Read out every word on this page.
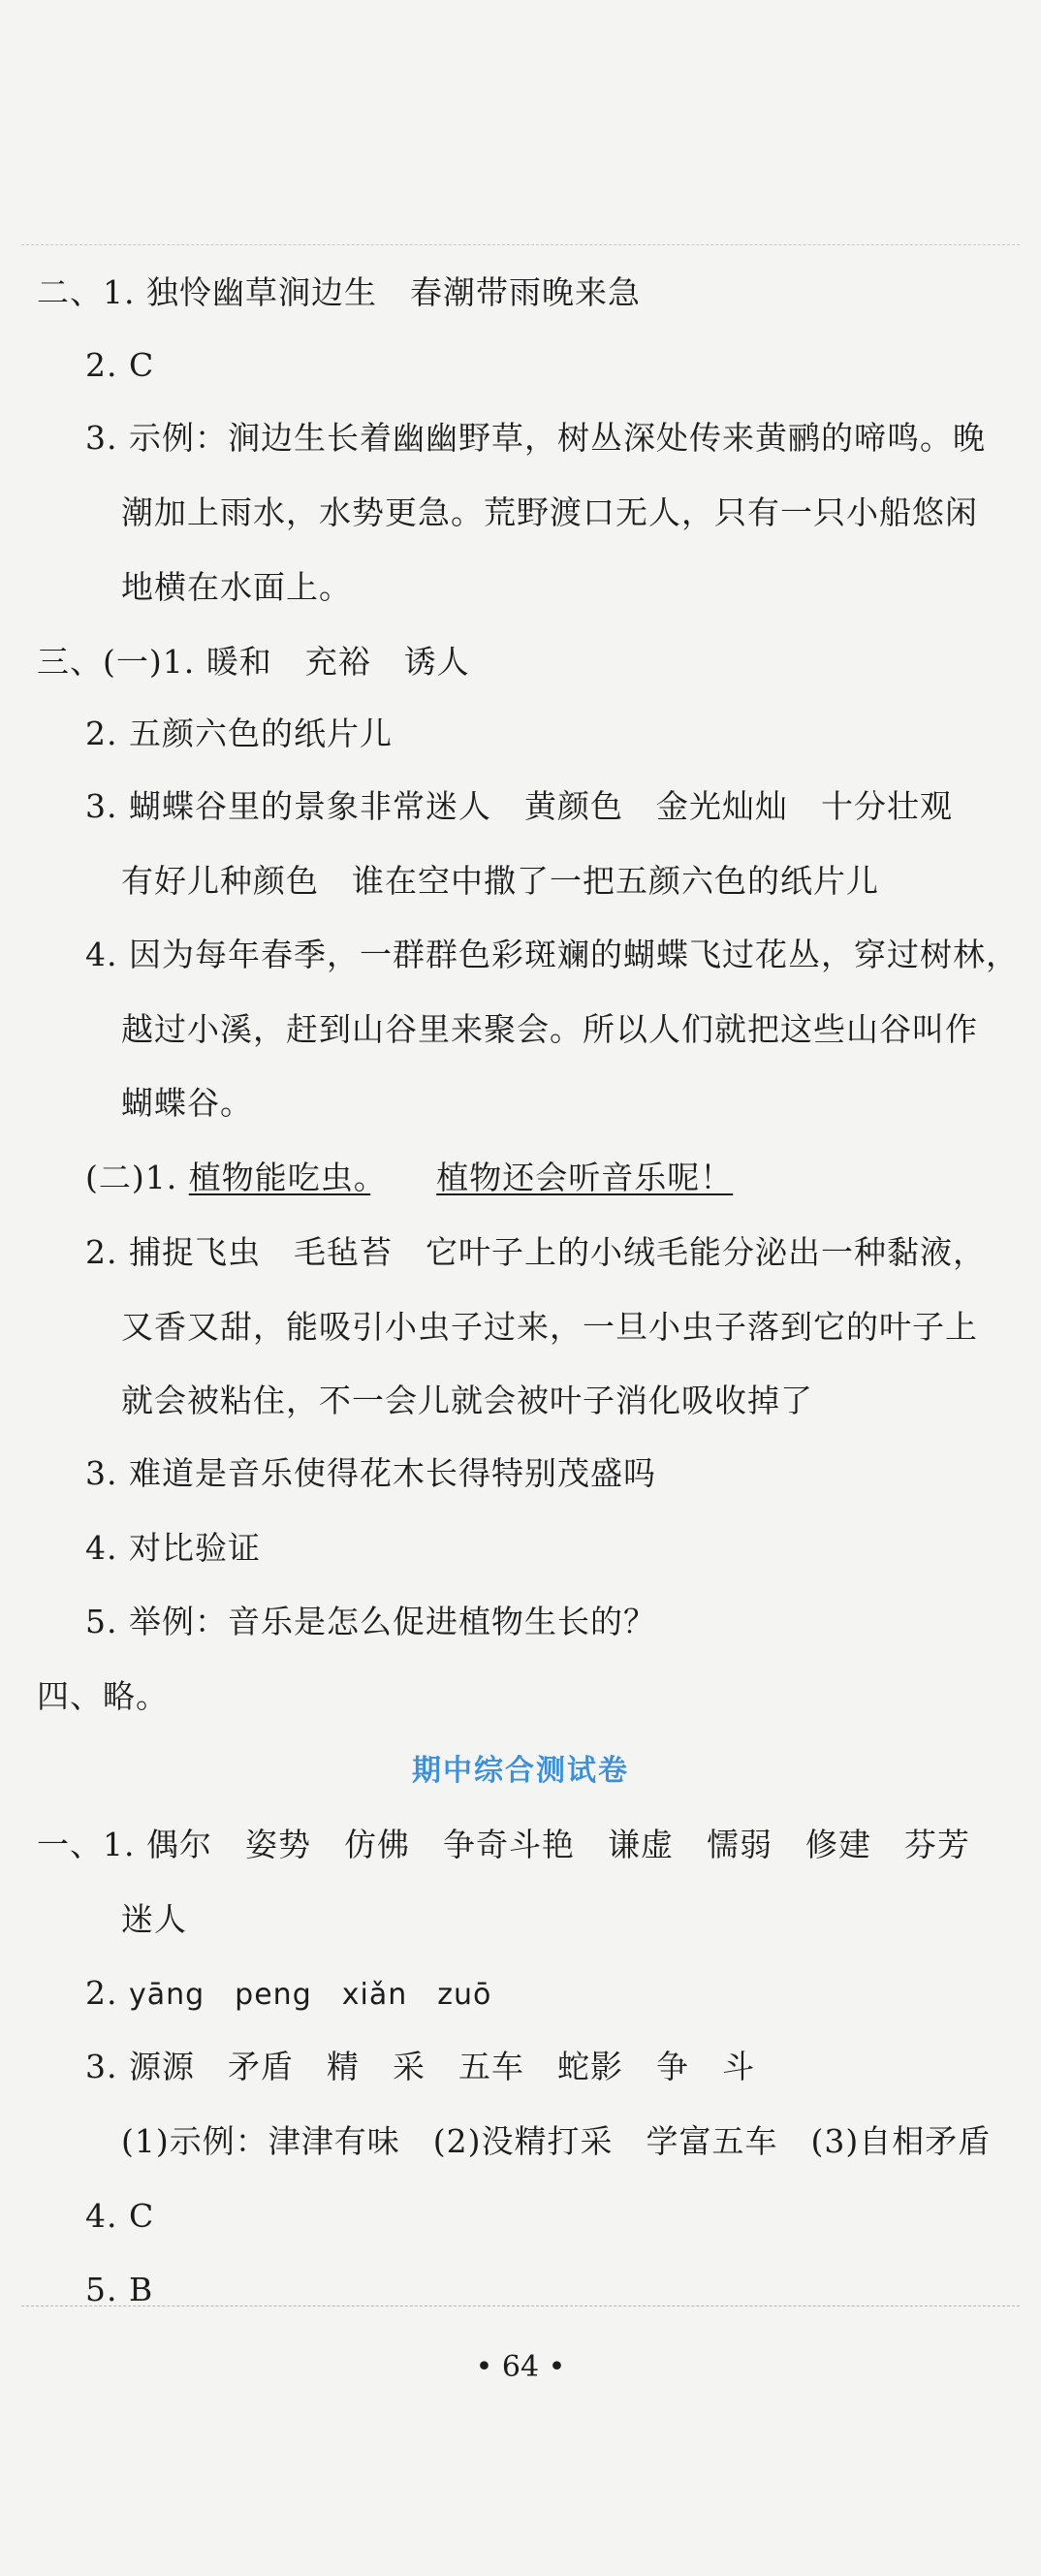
二、1. 独怜幽草涧边生　春潮带雨晚来急
2. C
3. 示例：涧边生长着幽幽野草，树丛深处传来黄鹂的啼鸣。晚
潮加上雨水，水势更急。荒野渡口无人，只有一只小船悠闲
地横在水面上。
三、(一)1. 暖和　充裕　诱人
2. 五颜六色的纸片儿
3. 蝴蝶谷里的景象非常迷人　黄颜色　金光灿灿　十分壮观
有好儿种颜色　谁在空中撒了一把五颜六色的纸片儿
4. 因为每年春季，一群群色彩斑斓的蝴蝶飞过花丛，穿过树林，
越过小溪，赶到山谷里来聚会。所以人们就把这些山谷叫作
蝴蝶谷。
(二)1. 植物能吃虫。　　 植物还会听音乐呢！
2. 捕捉飞虫　毛毡苔　它叶子上的小绒毛能分泌出一种黏液，
又香又甜，能吸引小虫子过来，一旦小虫子落到它的叶子上
就会被粘住，不一会儿就会被叶子消化吸收掉了
3. 难道是音乐使得花木长得特别茂盛吗
4. 对比验证
5. 举例：音乐是怎么促进植物生长的？
四、略。
期中综合测试卷
一、1. 偶尔　姿势　仿佛　争奇斗艳　谦虚　懦弱　修建　芬芳
迷人
2. yāng　peng　xiǎn　zuō
3. 源源　矛盾　精　采　五车　蛇影　争　斗
(1)示例：津津有味　(2)没精打采　学富五车　(3)自相矛盾
4. C
5. B
• 64 •
